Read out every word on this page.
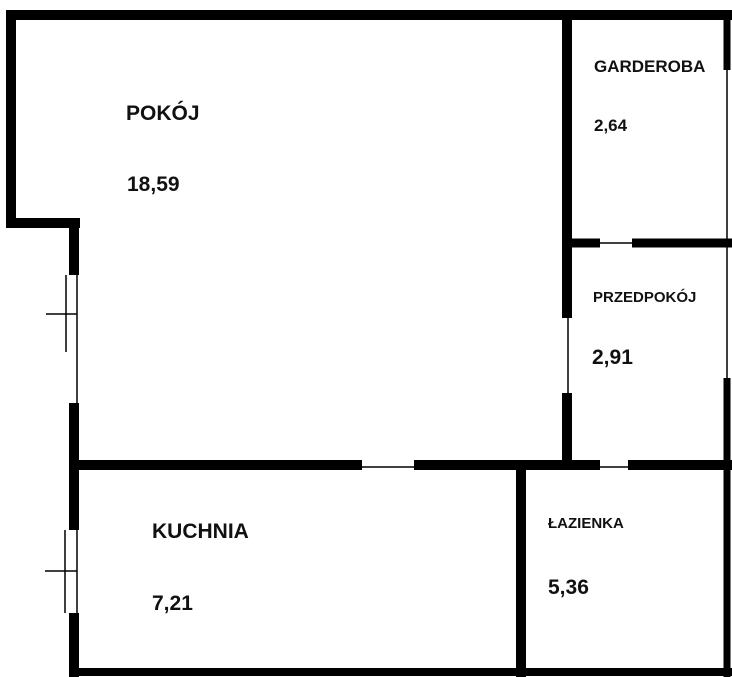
POKÓJ
18,59
GARDEROBA
2,64
PRZEDPOKÓJ
2,91
KUCHNIA
7,21
ŁAZIENKA
5,36
